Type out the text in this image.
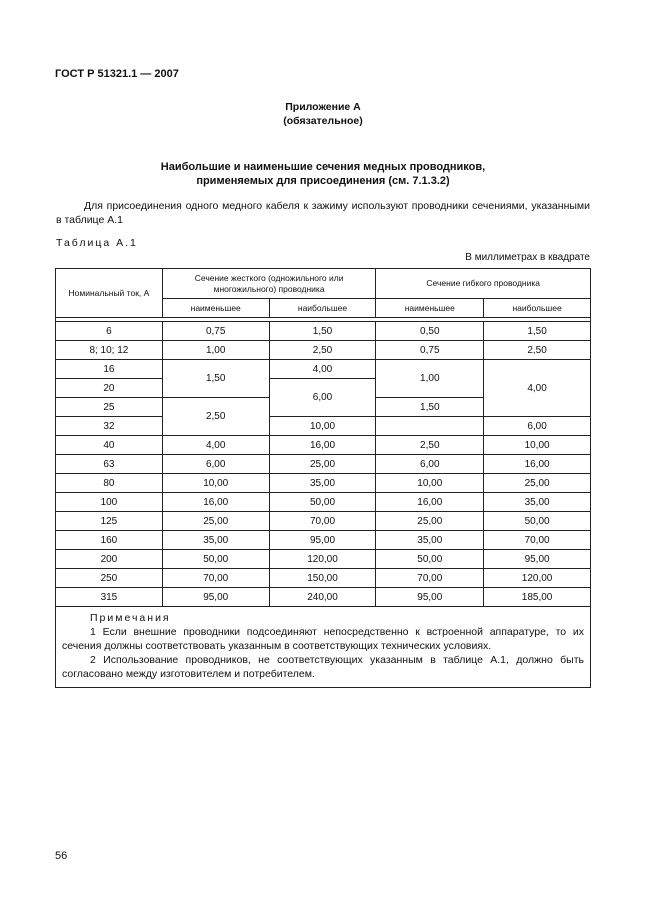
ГОСТ Р 51321.1 — 2007
Приложение А
(обязательное)
Наибольшие и наименьшие сечения медных проводников,
применяемых для присоединения (см. 7.1.3.2)
Для присоединения одного медного кабеля к зажиму используют проводники сечениями, указанными в таблице А.1
Таблица А.1
В миллиметрах в квадрате
Номинальный ток, А	Сечение жесткого (одножильного или многожильного) проводника		Сечение гибкого проводника	
	наименьшее	наибольшее	наименьшее	наибольшее

6	0,75	1,50	0,50	1,50
8; 10; 12	1,00	2,50	0,75	2,50
16	1,50	4,00	1,00	4,00
20		6,00		
25	2,50		1,50	
32		10,00		6,00
40	4,00	16,00	2,50	10,00
63	6,00	25,00	6,00	16,00
80	10,00	35,00	10,00	25,00
100	16,00	50,00	16,00	35,00
125	25,00	70,00	25,00	50,00
160	35,00	95,00	35,00	70,00
200	50,00	120,00	50,00	95,00
250	70,00	150,00	70,00	120,00
315	95,00	240,00	95,00	185,00

Примечания
1 Если внешние проводники подсоединяют непосредственно к встроенной аппаратуре, то их сечения должны соответствовать указанным в соответствующих технических условиях.
2 Использование проводников, не соответствующих указанным в таблице А.1, должно быть согласовано между изготовителем и потребителем.				
56
